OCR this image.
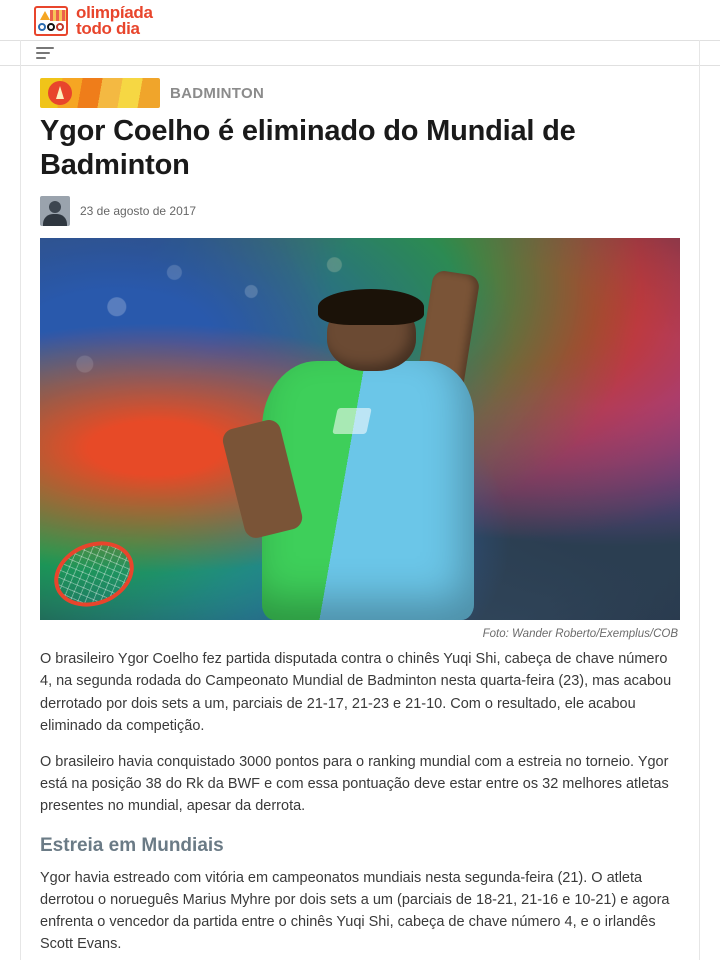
olimpíada
todo dia
BADMINTON
Ygor Coelho é eliminado do Mundial de Badminton
23 de agosto de 2017
Foto: Wander Roberto/Exemplus/COB

O brasileiro Ygor Coelho fez partida disputada contra o chinês Yuqi Shi, cabeça de chave número 4, na segunda rodada do Campeonato Mundial de Badminton nesta quarta-feira (23), mas acabou derrotado por dois sets a um, parciais de 21-17, 21-23 e 21-10. Com o resultado, ele acabou eliminado da competição.

O brasileiro havia conquistado 3000 pontos para o ranking mundial com a estreia no torneio. Ygor está na posição 38 do Rk da BWF e com essa pontuação deve estar entre os 32 melhores atletas presentes no mundial, apesar da derrota.

Estreia em Mundiais

Ygor havia estreado com vitória em campeonatos mundiais nesta segunda-feira (21). O atleta derrotou o norueguês Marius Myhre por dois sets a um (parciais de 18-21, 21-16 e 10-21) e agora enfrenta o vencedor da partida entre o chinês Yuqi Shi, cabeça de chave número 4, e o irlandês Scott Evans.
